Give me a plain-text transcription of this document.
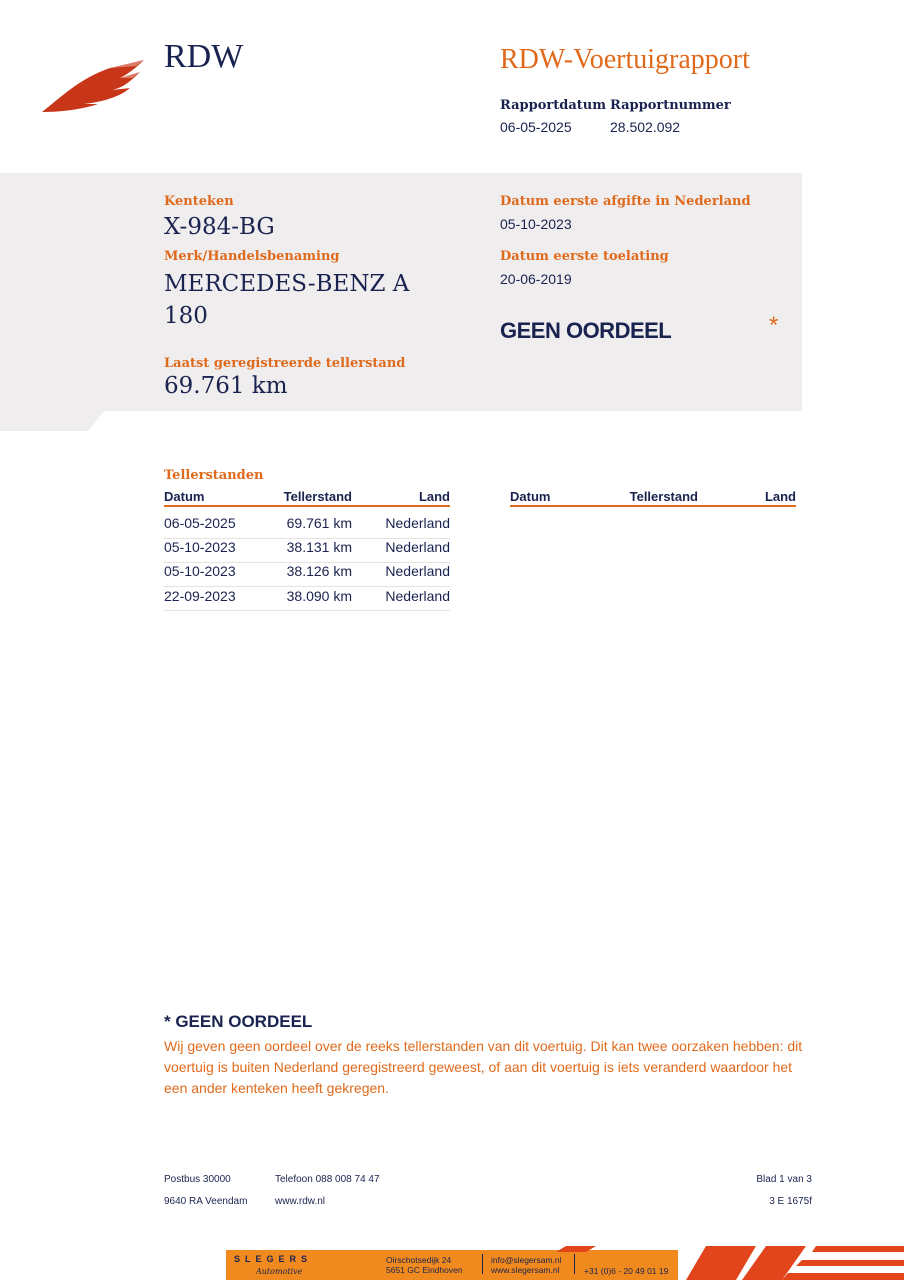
RDW	RDW-Voertuigrapport
Rapportdatum
06-05-2025
Rapportnummer
28.502.092
Kenteken
X-984-BG
Merk/Handelsbenaming
MERCEDES-BENZ A
180
Laatst geregistreerde tellerstand
69.761 km
Datum eerste afgifte in Nederland
05-10-2023
Datum eerste toelating
20-06-2019
GEEN OORDEEL	*
Tellerstanden
Datum	Tellerstand	Land	Datum	Tellerstand	Land
06-05-2025	69.761 km	Nederland
05-10-2023	38.131 km	Nederland
05-10-2023	38.126 km	Nederland
22-09-2023	38.090 km	Nederland
* GEEN OORDEEL
Wij geven geen oordeel over de reeks tellerstanden van dit voertuig. Dit kan twee oorzaken hebben: dit voertuig is buiten Nederland geregistreerd geweest, of aan dit voertuig is iets veranderd waardoor het een ander kenteken heeft gekregen.
Postbus 30000
9640 RA Veendam
Telefoon 088 008 74 47
www.rdw.nl
Blad 1 van 3
3 E 1675f
SLEGERS
Automotive
Oirschotsedijk 24
5651 GC Eindhoven
info@slegersam.nl
www.slegersam.nl	+31 (0)6 - 20 49 01 19
